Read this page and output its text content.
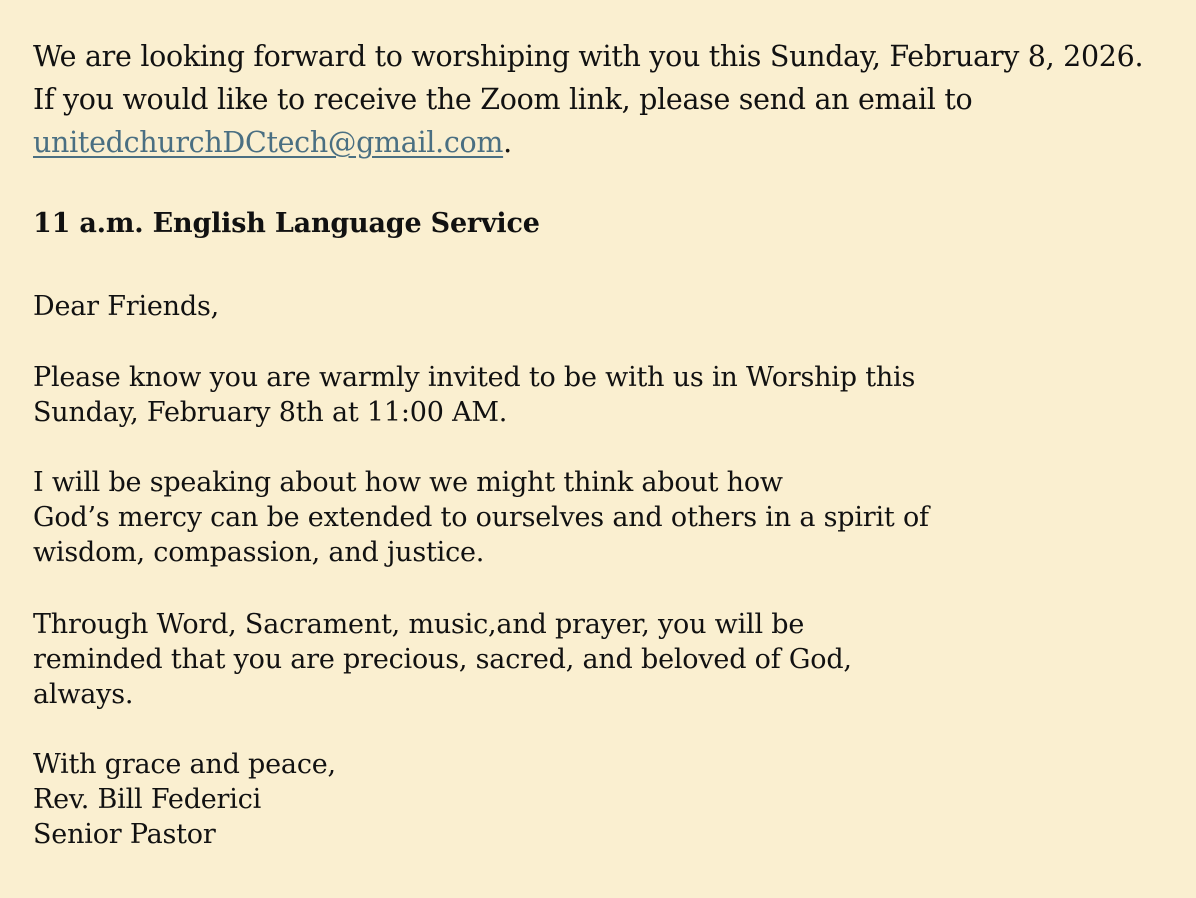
We are looking forward to worshiping with you this Sunday, February 8, 2026.
If you would like to receive the Zoom link, please send an email to
unitedchurchDCtech@gmail.com.

11 a.m. English Language Service

Dear Friends,

Please know you are warmly invited to be with us in Worship this
Sunday, February 8th at 11:00 AM.

I will be speaking about how we might think about how
God’s mercy can be extended to ourselves and others in a spirit of
wisdom, compassion, and justice.

Through Word, Sacrament, music,and prayer, you will be
reminded that you are precious, sacred, and beloved of God,
always.

With grace and peace,
Rev. Bill Federici
Senior Pastor
